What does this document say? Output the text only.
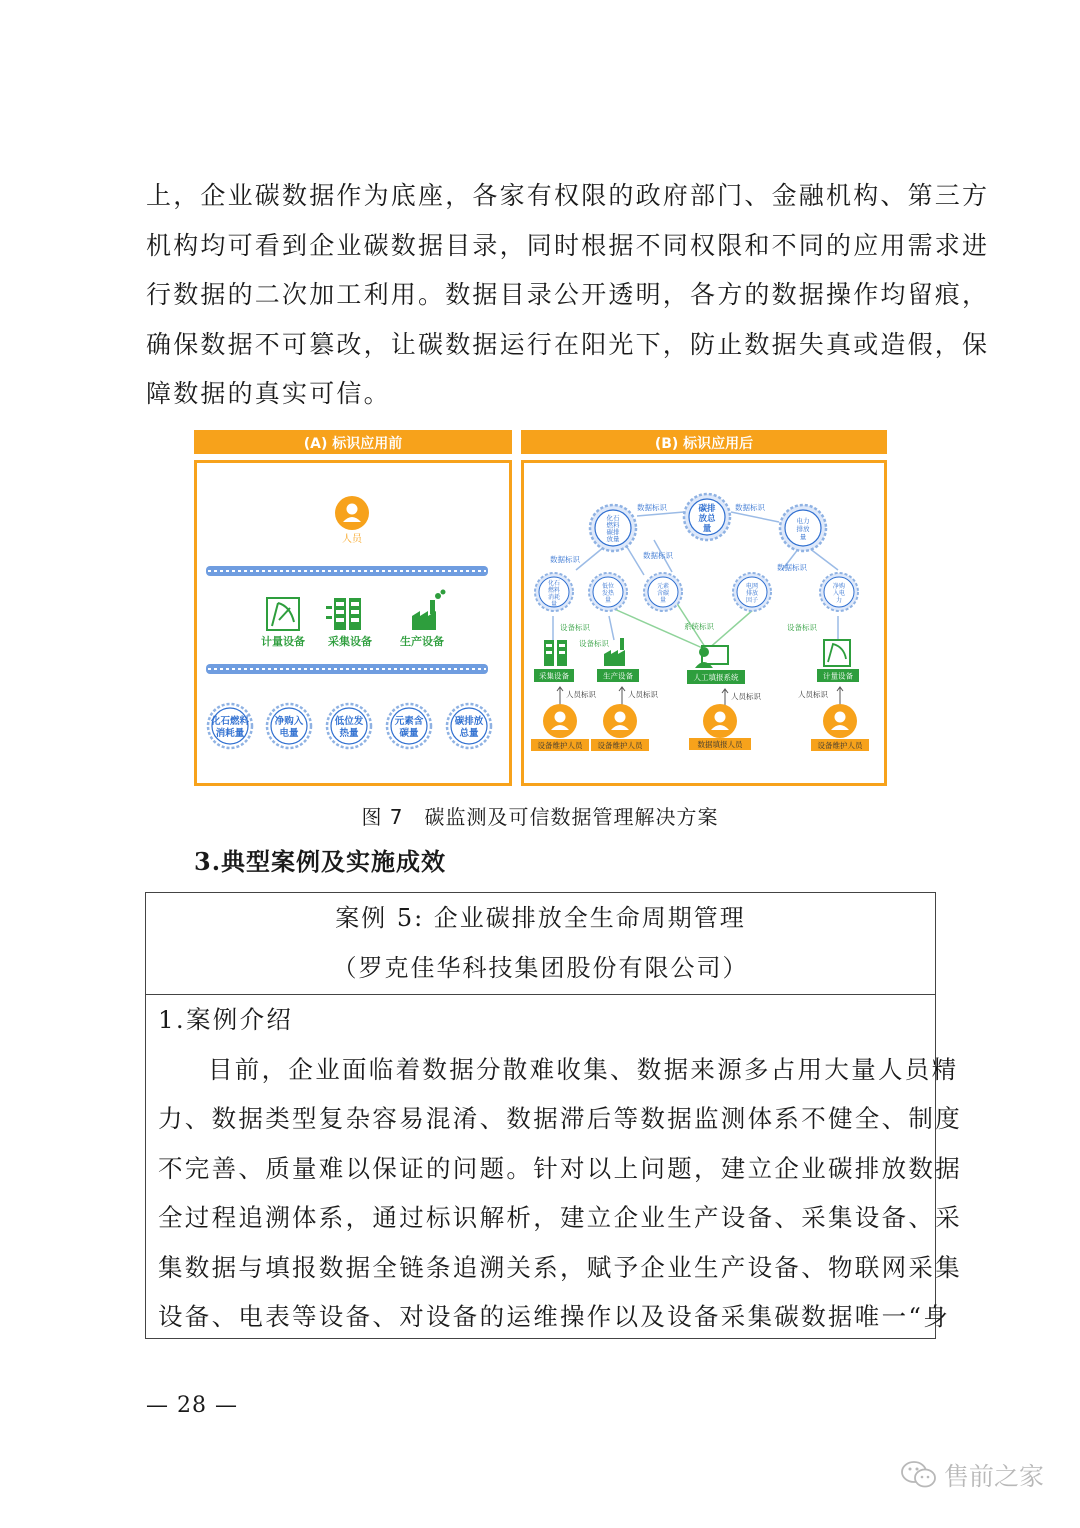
上，企业碳数据作为底座，各家有权限的政府部门、金融机构、第三方
机构均可看到企业碳数据目录，同时根据不同权限和不同的应用需求进
行数据的二次加工利用。数据目录公开透明，各方的数据操作均留痕，
确保数据不可篡改，让碳数据运行在阳光下，防止数据失真或造假，保
障数据的真实可信。
(A) 标识应用前	(B) 标识应用后
人员
计量设备 采集设备	生产设备
化石燃料
消耗量
净购入
电量
低位发
热量
元素含
碳量
碳排放
总量
碳排
放总
量
化石
燃料
碳排
放量
电力
排放
量
化石
燃料
消耗
量
低位
发热
量
元素
含碳
量
电网
排放
因子
净购
入电
力
数据标识	数据标识
数据标识	数据标识
数据标识
设备标识
设备标识
系统标识	设备标识
采集设备	生产设备	人工填报系统	计量设备
人员标识	人员标识	人员标识	人员标识
设备维护人员 设备维护人员	数据填报人员	设备维护人员
图 7　碳监测及可信数据管理解决方案
3.典型案例及实施成效
案例 5: 企业碳排放全生命周期管理
（罗克佳华科技集团股份有限公司）
1.案例介绍
目前，企业面临着数据分散难收集、数据来源多占用大量人员精
力、数据类型复杂容易混淆、数据滞后等数据监测体系不健全、制度
不完善、质量难以保证的问题。针对以上问题，建立企业碳排放数据
全过程追溯体系，通过标识解析，建立企业生产设备、采集设备、采
集数据与填报数据全链条追溯关系，赋予企业生产设备、物联网采集
设备、电表等设备、对设备的运维操作以及设备采集碳数据唯一“身
— 28 —
售前之家
